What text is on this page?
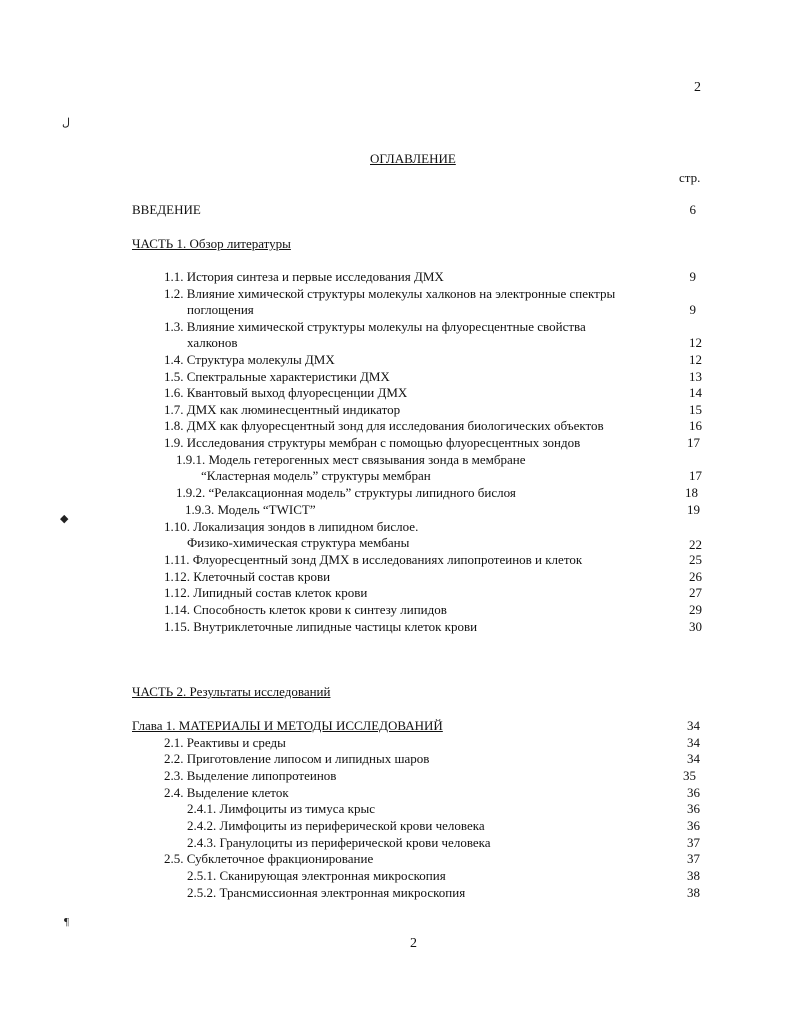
ﻝ
◆
¶
2
ОГЛАВЛЕНИЕ
стр.
ВВЕДЕНИЕ	6
ЧАСТЬ 1. Обзор литературы
1.1. История синтеза и первые исследования ДМХ	9
1.2. Влияние химической структуры молекулы халконов на электронные спектры
поглощения	9
1.3. Влияние химической структуры молекулы на флуоресцентные свойства
халконов	12
1.4. Структура молекулы ДМХ	12
1.5. Спектральные характеристики ДМХ	13
1.6. Квантовый выход флуоресценции ДМХ	14
1.7. ДМХ как люминесцентный индикатор	15
1.8. ДМХ как флуоресцентный зонд для исследования биологических объектов	16
1.9. Исследования структуры мембран с помощью флуоресцентных зондов	17
1.9.1. Модель гетерогенных мест связывания зонда в мембране
“Кластерная модель” структуры мембран	17
1.9.2. “Релаксационная модель” структуры липидного бислоя	18
1.9.3. Модель “TWICT”	19
1.10. Локализация зондов в липидном бислое.
Физико-химическая структура мембаны	22
1.11. Флуоресцентный зонд ДМХ в исследованиях липопротеинов и клеток	25
1.12. Клеточный состав крови	26
1.12. Липидный состав клеток крови	27
1.14. Способность клеток крови к синтезу липидов	29
1.15. Внутриклеточные липидные частицы клеток крови	30
ЧАСТЬ 2. Результаты исследований
Глава 1. МАТЕРИАЛЫ И МЕТОДЫ ИССЛЕДОВАНИЙ	34
2.1. Реактивы и среды	34
2.2. Приготовление липосом и липидных шаров	34
2.3. Выделение липопротеинов	35
2.4. Выделение клеток	36
2.4.1. Лимфоциты из тимуса крыс	36
2.4.2. Лимфоциты из периферической крови человека	36
2.4.3. Гранулоциты из периферической крови человека	37
2.5. Субклеточное фракционирование	37
2.5.1. Сканирующая электронная микроскопия	38
2.5.2. Трансмиссионная электронная микроскопия	38
2
